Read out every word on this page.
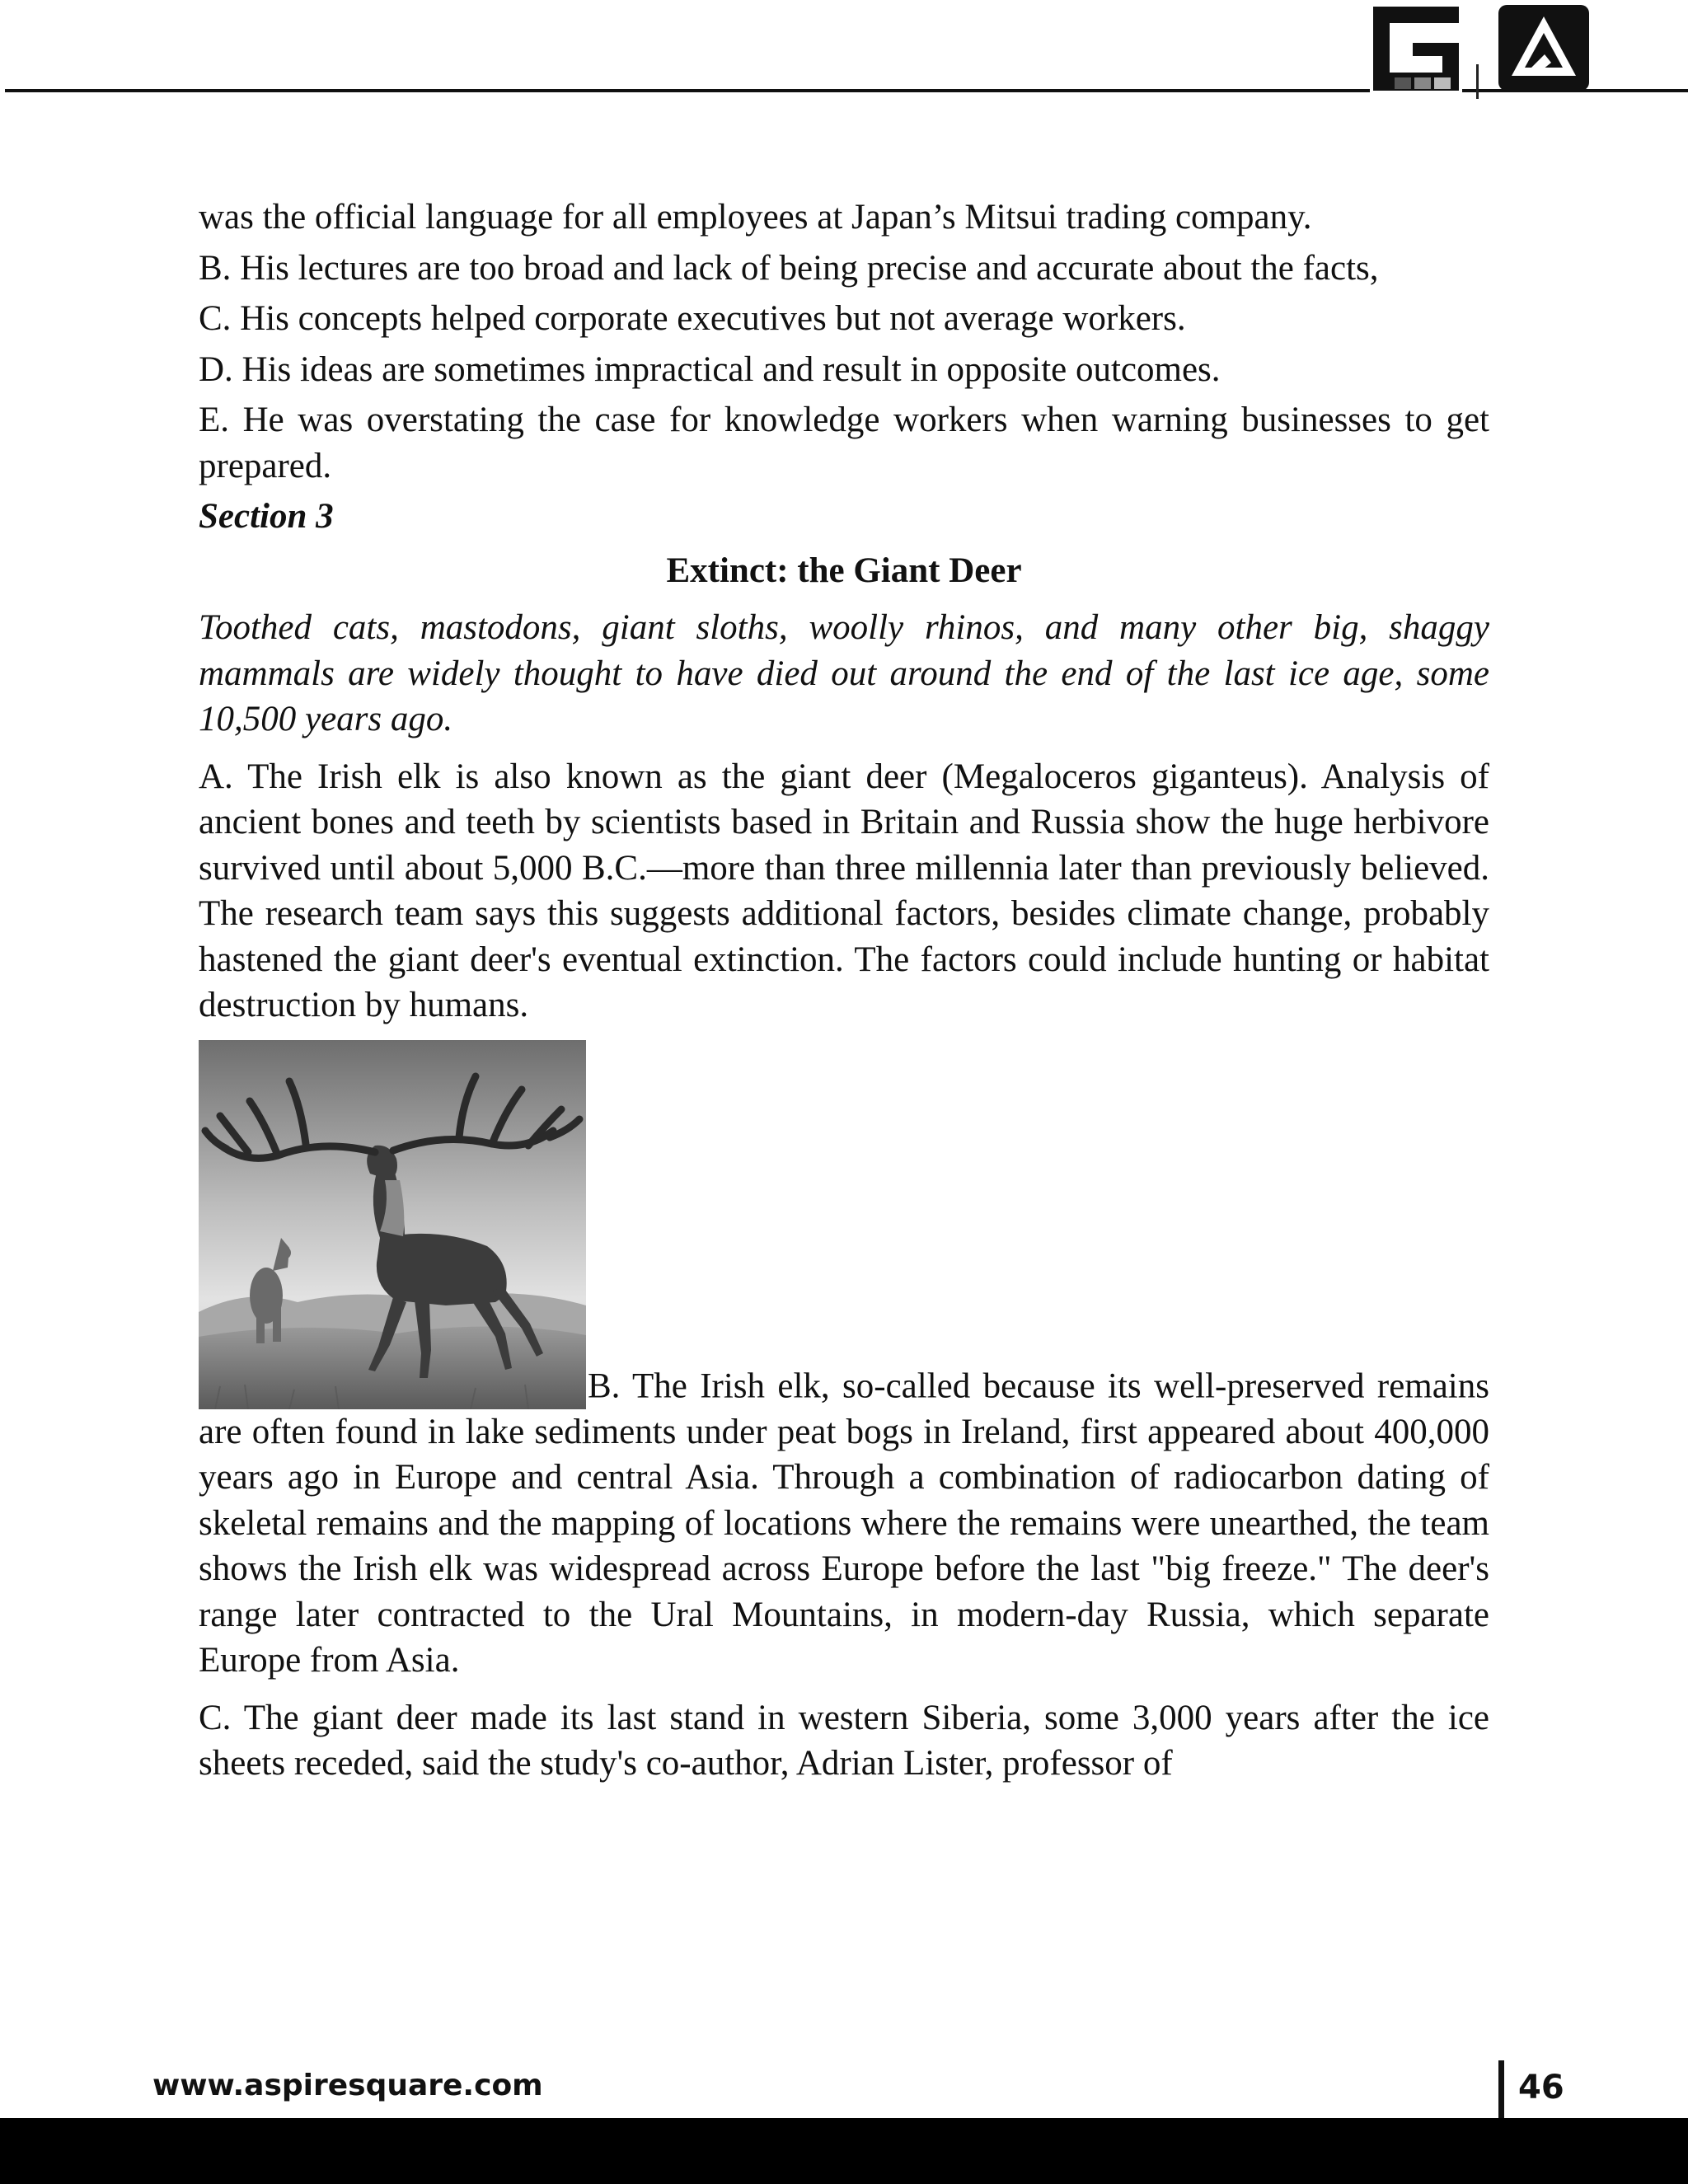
was the official language for all employees at Japan’s Mitsui trading company.

B. His lectures are too broad and lack of being precise and accurate about the facts,

C. His concepts helped corporate executives but not average workers.

D. His ideas are sometimes impractical and result in opposite outcomes.

E. He was overstating the case for knowledge workers when warning businesses to get prepared.

Section 3
Extinct: the Giant Deer

Toothed cats, mastodons, giant sloths, woolly rhinos, and many other big, shaggy mammals are widely thought to have died out around the end of the last ice age, some 10,500 years ago.

A. The Irish elk is also known as the giant deer (Megaloceros giganteus). Analysis of ancient bones and teeth by scientists based in Britain and Russia show the huge herbivore survived until about 5,000 B.C.—more than three millennia later than previously believed. The research team says this suggests additional factors, besides climate change, probably hastened the giant deer's eventual extinction. The factors could include hunting or habitat destruction by humans.

B. The Irish elk, so-called because its well-preserved remains are often found in lake sediments under peat bogs in Ireland, first appeared about 400,000 years ago in Europe and central Asia. Through a combination of radiocarbon dating of skeletal remains and the mapping of locations where the remains were unearthed, the team shows the Irish elk was widespread across Europe before the last "big freeze." The deer's range later contracted to the Ural Mountains, in modern-day Russia, which separate Europe from Asia.

C. The giant deer made its last stand in western Siberia, some 3,000 years after the ice sheets receded, said the study's co-author, Adrian Lister, professor of

www.aspiresquare.com	46
